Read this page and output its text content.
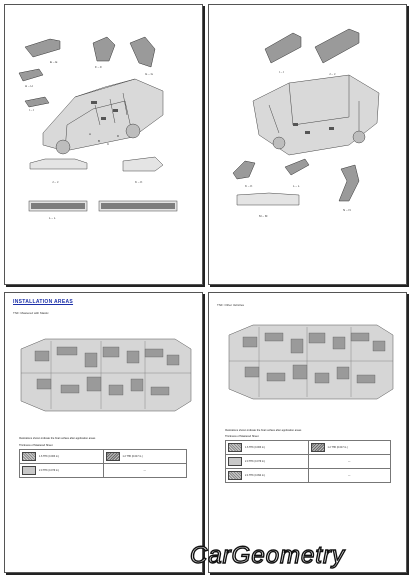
E – E
F – F
G – G
H – H
I – I
J – J	K – K
L – L
A
B
C
D
I – I	J – J
K – K	L – L
M – M
N – N
INSTALLATION AREAS
TNF: Mastered with Mastic
Illustrations shown indicate the final surface after application areas
Thickness of Mastered Sheet
1.6 THK (0.063 in.)	1.2 THK (0.047 in.)
2.0 THK (0.079 in.)	—
TNF: Other Vehicles
Illustrations shown indicate the final surface after application areas
Thickness of Mastered Sheet
1.6 THK (0.063 in.)	1.2 THK (0.047 in.)
2.0 THK (0.079 in.)	—
2.4 THK (0.094 in.)	—
CarGeometry
